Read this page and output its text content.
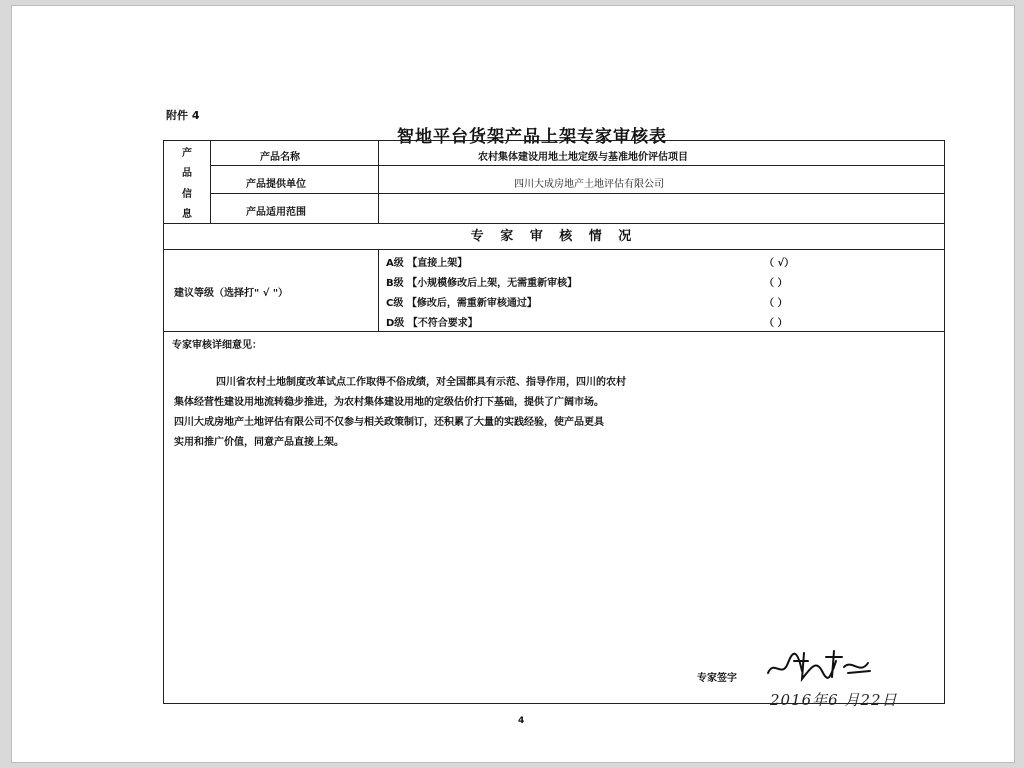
附件 4
智地平台货架产品上架专家审核表
产
品
信
息
产品名称	农村集体建设用地土地定级与基准地价评估项目
产品提供单位	四川大成房地产土地评估有限公司
产品适用范围
专 家 审 核 情 况
建议等级（选择打" √ "）
A级 【直接上架】	（ √）
B级 【小规模修改后上架，无需重新审核】	（ ）
C级 【修改后，需重新审核通过】	（ ）
D级 【不符合要求】	（ ）
专家审核详细意见：
四川省农村土地制度改革试点工作取得不俗成绩，对全国都具有示范、指导作用，四川的农村
集体经营性建设用地流转稳步推进，为农村集体建设用地的定级估价打下基础，提供了广阔市场。
四川大成房地产土地评估有限公司不仅参与相关政策制订，还积累了大量的实践经验，使产品更具
实用和推广价值，同意产品直接上架。
专家签字
2016年6 月22日
4
